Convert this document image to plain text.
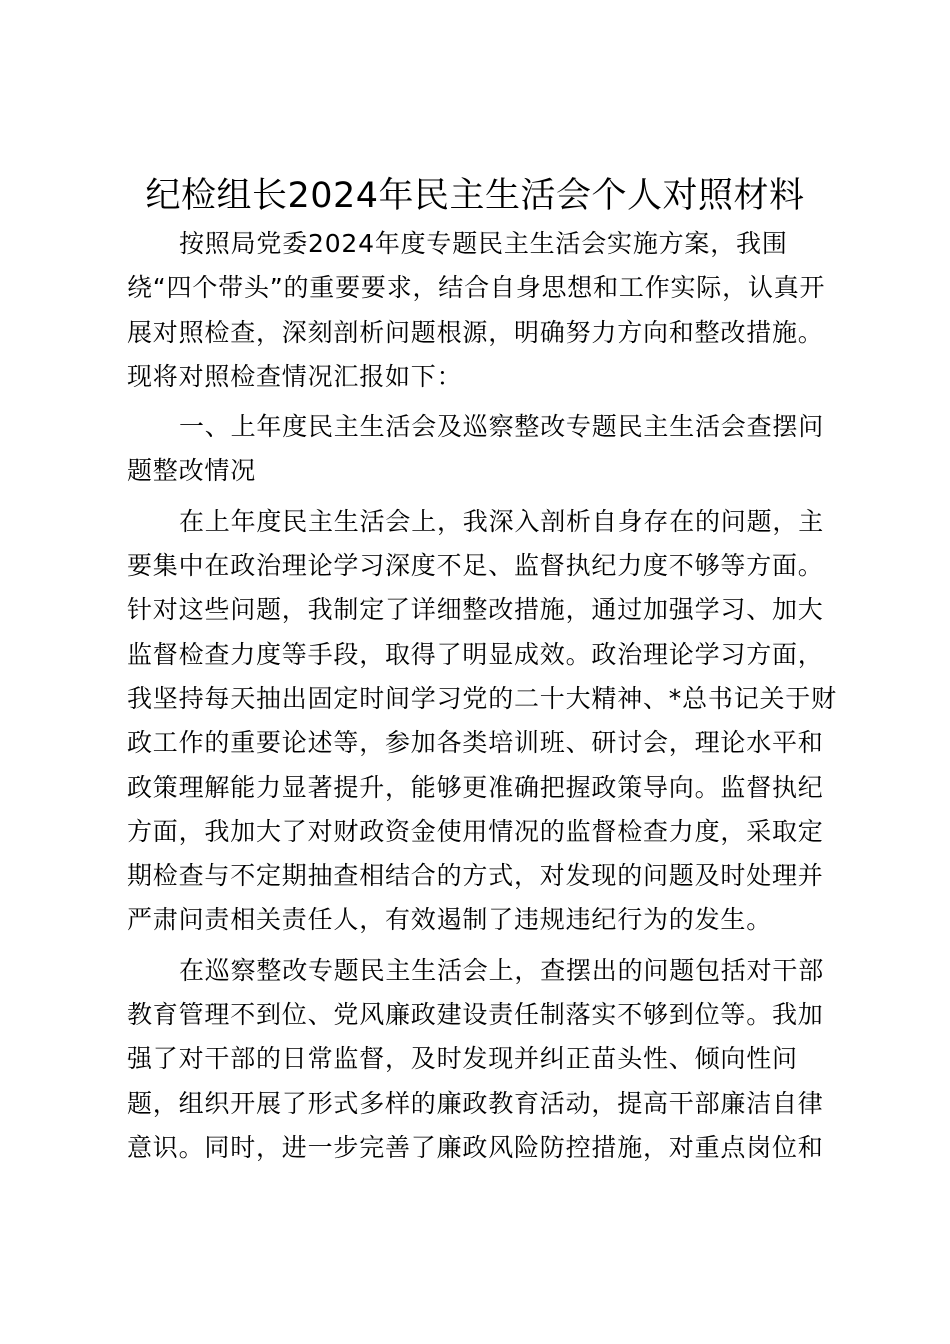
纪检组长2024年民主生活会个人对照材料
按照局党委2024年度专题民主生活会实施方案，我围
绕“四个带头”的重要要求，结合自身思想和工作实际，认真开
展对照检查，深刻剖析问题根源，明确努力方向和整改措施。
现将对照检查情况汇报如下：
一、上年度民主生活会及巡察整改专题民主生活会查摆问
题整改情况
在上年度民主生活会上，我深入剖析自身存在的问题，主
要集中在政治理论学习深度不足、监督执纪力度不够等方面。
针对这些问题，我制定了详细整改措施，通过加强学习、加大
监督检查力度等手段，取得了明显成效。政治理论学习方面，
我坚持每天抽出固定时间学习党的二十大精神、*总书记关于财
政工作的重要论述等，参加各类培训班、研讨会，理论水平和
政策理解能力显著提升，能够更准确把握政策导向。监督执纪
方面，我加大了对财政资金使用情况的监督检查力度，采取定
期检查与不定期抽查相结合的方式，对发现的问题及时处理并
严肃问责相关责任人，有效遏制了违规违纪行为的发生。
在巡察整改专题民主生活会上，查摆出的问题包括对干部
教育管理不到位、党风廉政建设责任制落实不够到位等。我加
强了对干部的日常监督，及时发现并纠正苗头性、倾向性问
题，组织开展了形式多样的廉政教育活动，提高干部廉洁自律
意识。同时，进一步完善了廉政风险防控措施，对重点岗位和
